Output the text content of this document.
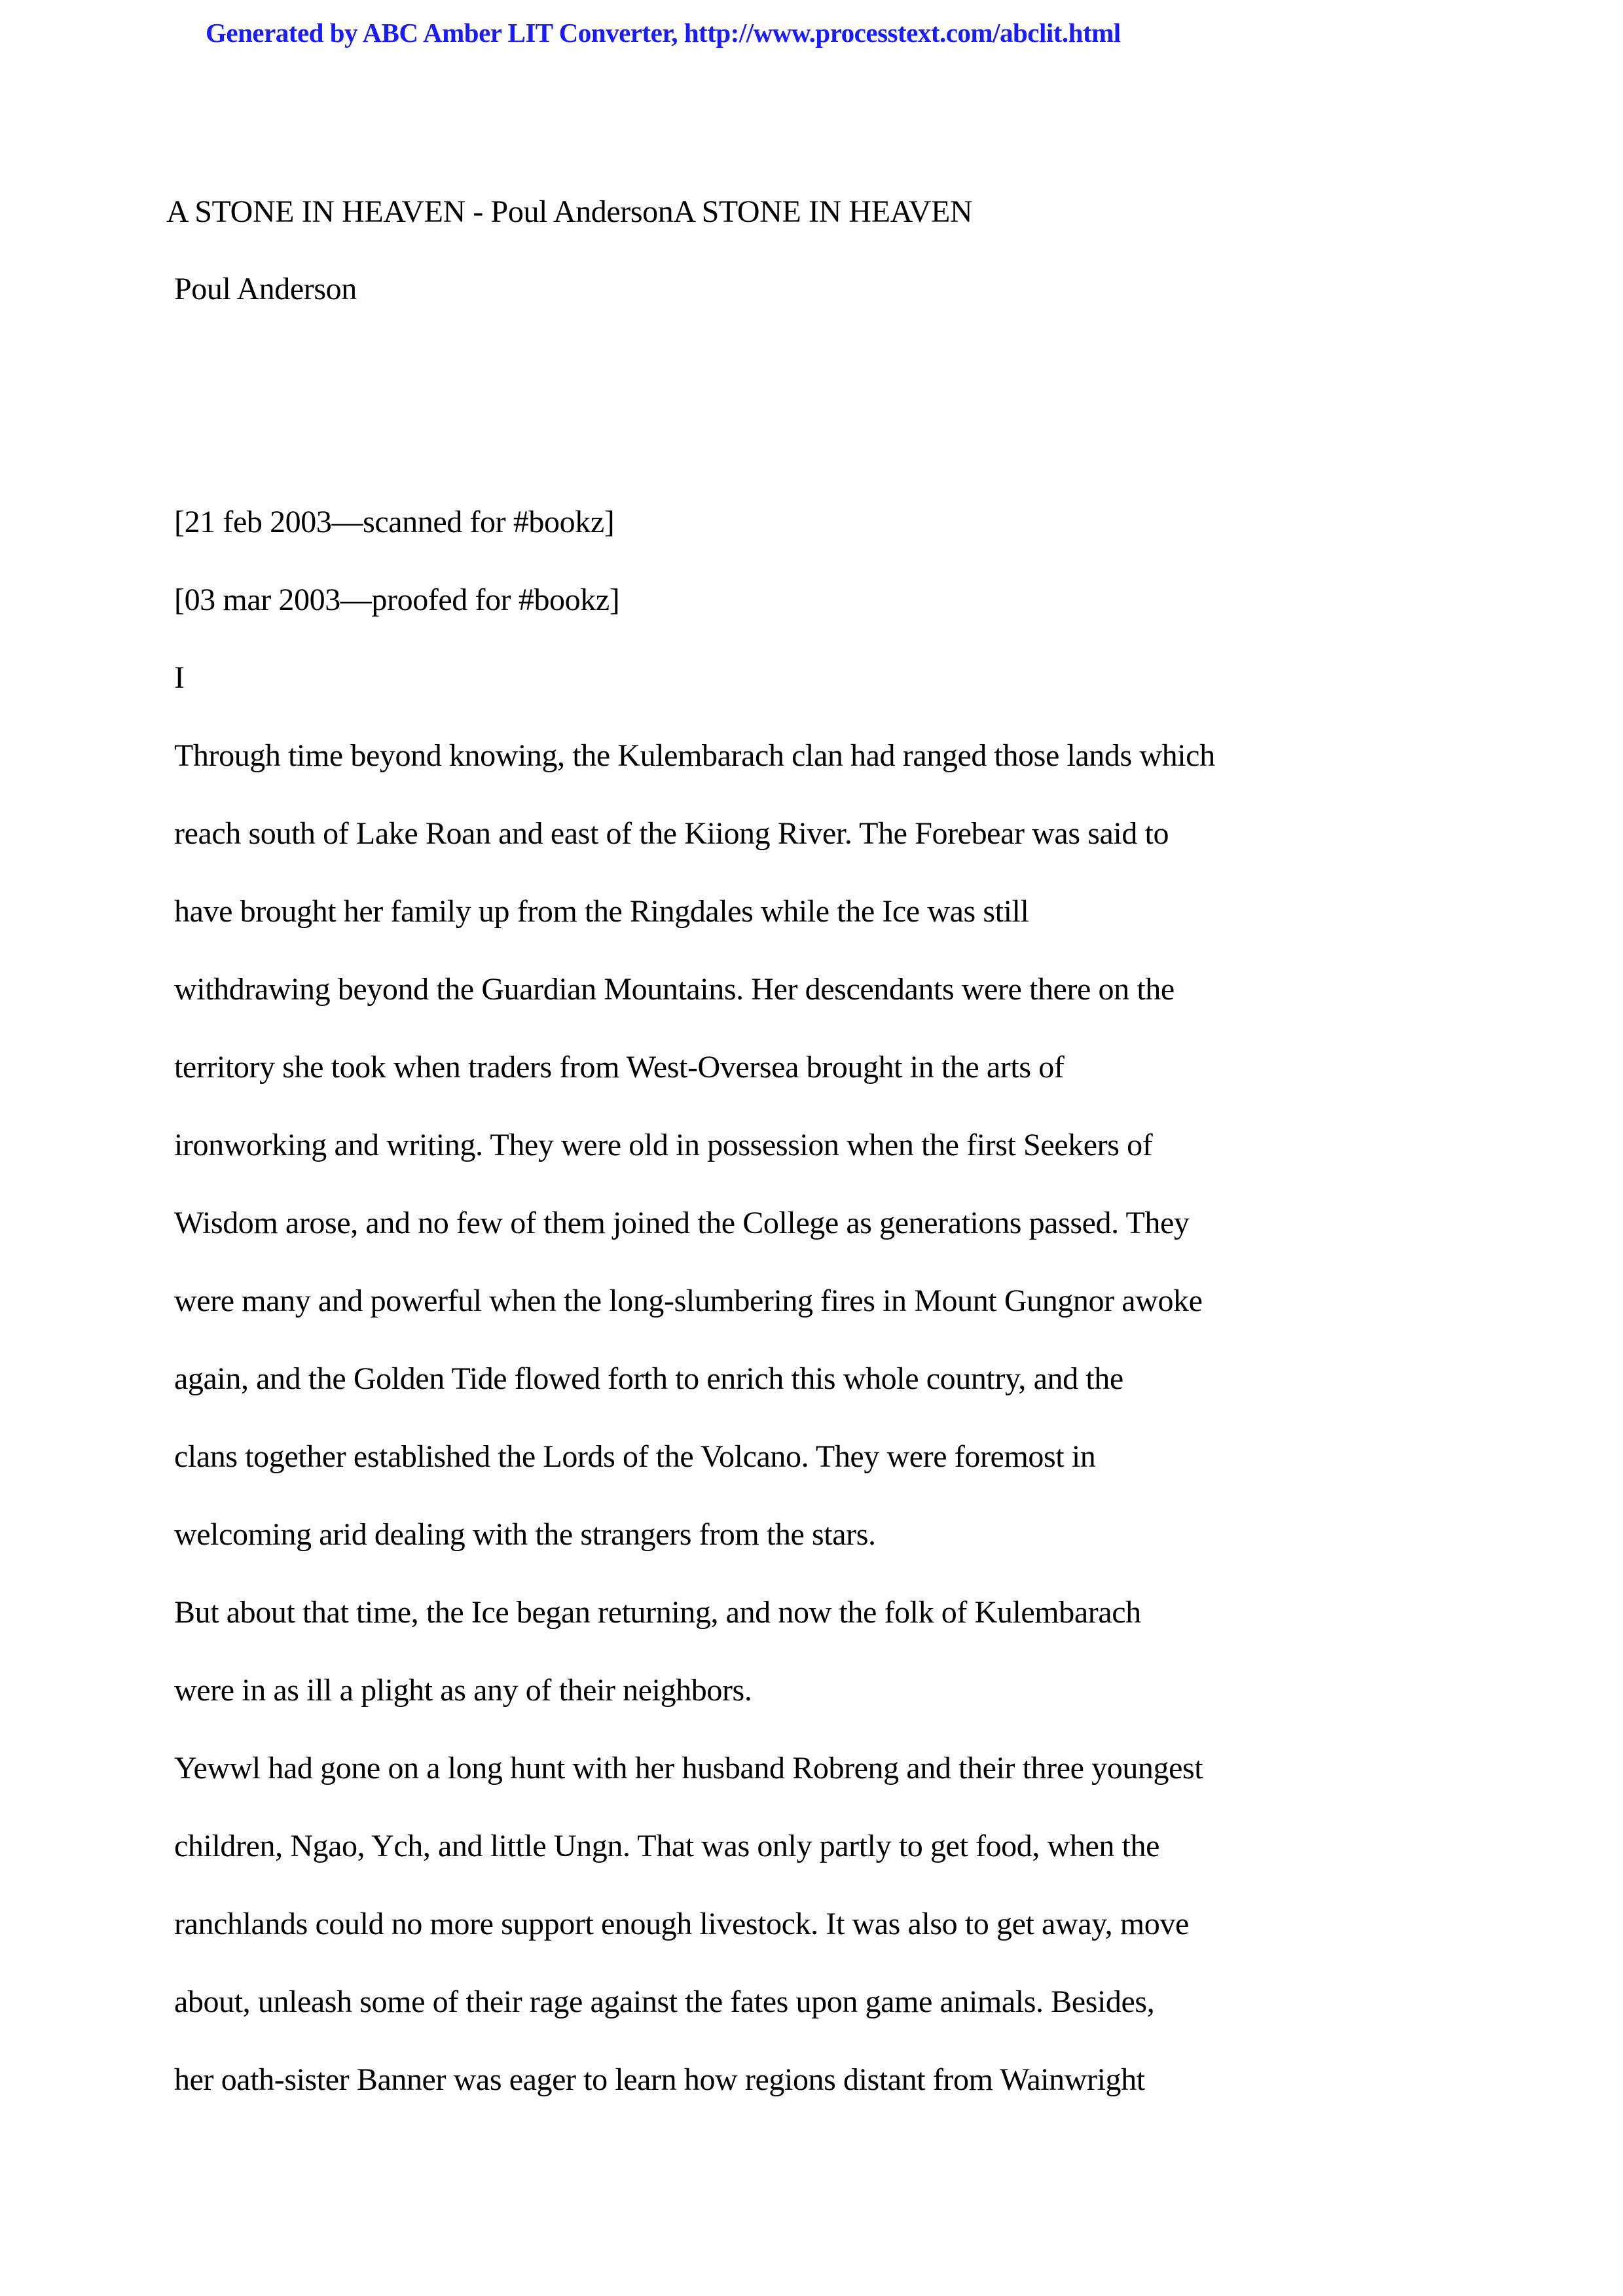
Generated by ABC Amber LIT Converter, http://www.processtext.com/abclit.html
A STONE IN HEAVEN - Poul AndersonA STONE IN HEAVEN
Poul Anderson
[21 feb 2003—scanned for #bookz]
[03 mar 2003—proofed for #bookz]
I
Through time beyond knowing, the Kulembarach clan had ranged those lands which
reach south of Lake Roan and east of the Kiiong River. The Forebear was said to
have brought her family up from the Ringdales while the Ice was still
withdrawing beyond the Guardian Mountains. Her descendants were there on the
territory she took when traders from West-Oversea brought in the arts of
ironworking and writing. They were old in possession when the first Seekers of
Wisdom arose, and no few of them joined the College as generations passed. They
were many and powerful when the long-slumbering fires in Mount Gungnor awoke
again, and the Golden Tide flowed forth to enrich this whole country, and the
clans together established the Lords of the Volcano. They were foremost in
welcoming arid dealing with the strangers from the stars.
But about that time, the Ice began returning, and now the folk of Kulembarach
were in as ill a plight as any of their neighbors.
Yewwl had gone on a long hunt with her husband Robreng and their three youngest
children, Ngao, Ych, and little Ungn. That was only partly to get food, when the
ranchlands could no more support enough livestock. It was also to get away, move
about, unleash some of their rage against the fates upon game animals. Besides,
her oath-sister Banner was eager to learn how regions distant from Wainwright
